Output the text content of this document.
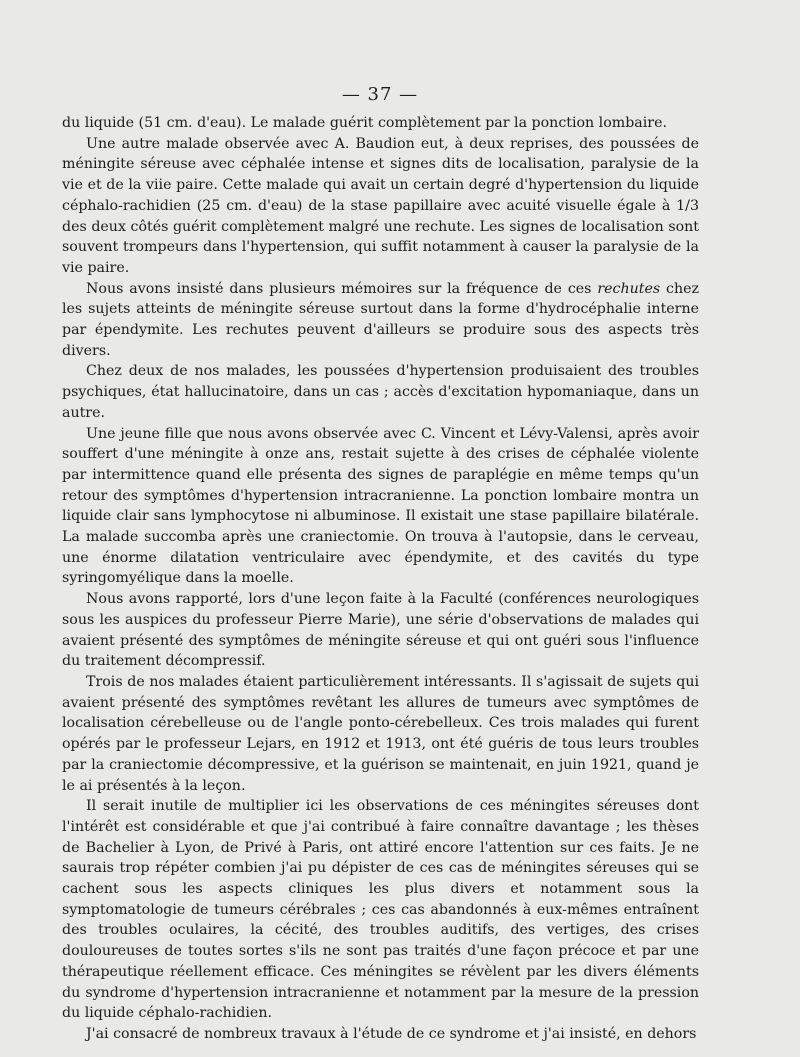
— 37 —

du liquide (51 cm. d'eau). Le malade guérit complètement par la ponction lombaire.

Une autre malade observée avec A. Baudion eut, à deux reprises, des poussées de méningite séreuse avec céphalée intense et signes dits de localisation, paralysie de la vie et de la viie paire. Cette malade qui avait un certain degré d'hypertension du liquide céphalo-rachidien (25 cm. d'eau) de la stase papillaire avec acuité visuelle égale à 1/3 des deux côtés guérit complètement malgré une rechute. Les signes de localisation sont souvent trompeurs dans l'hypertension, qui suffit notamment à causer la paralysie de la vie paire.

Nous avons insisté dans plusieurs mémoires sur la fréquence de ces rechutes chez les sujets atteints de méningite séreuse surtout dans la forme d'hydrocéphalie interne par épendymite. Les rechutes peuvent d'ailleurs se produire sous des aspects très divers.

Chez deux de nos malades, les poussées d'hypertension produisaient des troubles psychiques, état hallucinatoire, dans un cas ; accès d'excitation hypomaniaque, dans un autre.

Une jeune fille que nous avons observée avec C. Vincent et Lévy-Valensi, après avoir souffert d'une méningite à onze ans, restait sujette à des crises de céphalée violente par intermittence quand elle présenta des signes de paraplégie en même temps qu'un retour des symptômes d'hypertension intracranienne. La ponction lombaire montra un liquide clair sans lymphocytose ni albuminose. Il existait une stase papillaire bilatérale. La malade succomba après une craniectomie. On trouva à l'autopsie, dans le cerveau, une énorme dilatation ventriculaire avec épendymite, et des cavités du type syringomyélique dans la moelle.

Nous avons rapporté, lors d'une leçon faite à la Faculté (conférences neurologiques sous les auspices du professeur Pierre Marie), une série d'observations de malades qui avaient présenté des symptômes de méningite séreuse et qui ont guéri sous l'influence du traitement décompressif.

Trois de nos malades étaient particulièrement intéressants. Il s'agissait de sujets qui avaient présenté des symptômes revêtant les allures de tumeurs avec symptômes de localisation cérebelleuse ou de l'angle ponto-cérebelleux. Ces trois malades qui furent opérés par le professeur Lejars, en 1912 et 1913, ont été guéris de tous leurs troubles par la craniectomie décompressive, et la guérison se maintenait, en juin 1921, quand je le ai présentés à la leçon.

Il serait inutile de multiplier ici les observations de ces méningites séreuses dont l'intérêt est considérable et que j'ai contribué à faire connaître davantage ; les thèses de Bachelier à Lyon, de Privé à Paris, ont attiré encore l'attention sur ces faits. Je ne saurais trop répéter combien j'ai pu dépister de ces cas de méningites séreuses qui se cachent sous les aspects cliniques les plus divers et notamment sous la symptomatologie de tumeurs cérébrales ; ces cas abandonnés à eux-mêmes entraînent des troubles oculaires, la cécité, des troubles auditifs, des vertiges, des crises douloureuses de toutes sortes s'ils ne sont pas traités d'une façon précoce et par une thérapeutique réellement efficace. Ces méningites se révèlent par les divers éléments du syndrome d'hypertension intracranienne et notamment par la mesure de la pression du liquide céphalo-rachidien.

J'ai consacré de nombreux travaux à l'étude de ce syndrome et j'ai insisté, en dehors
